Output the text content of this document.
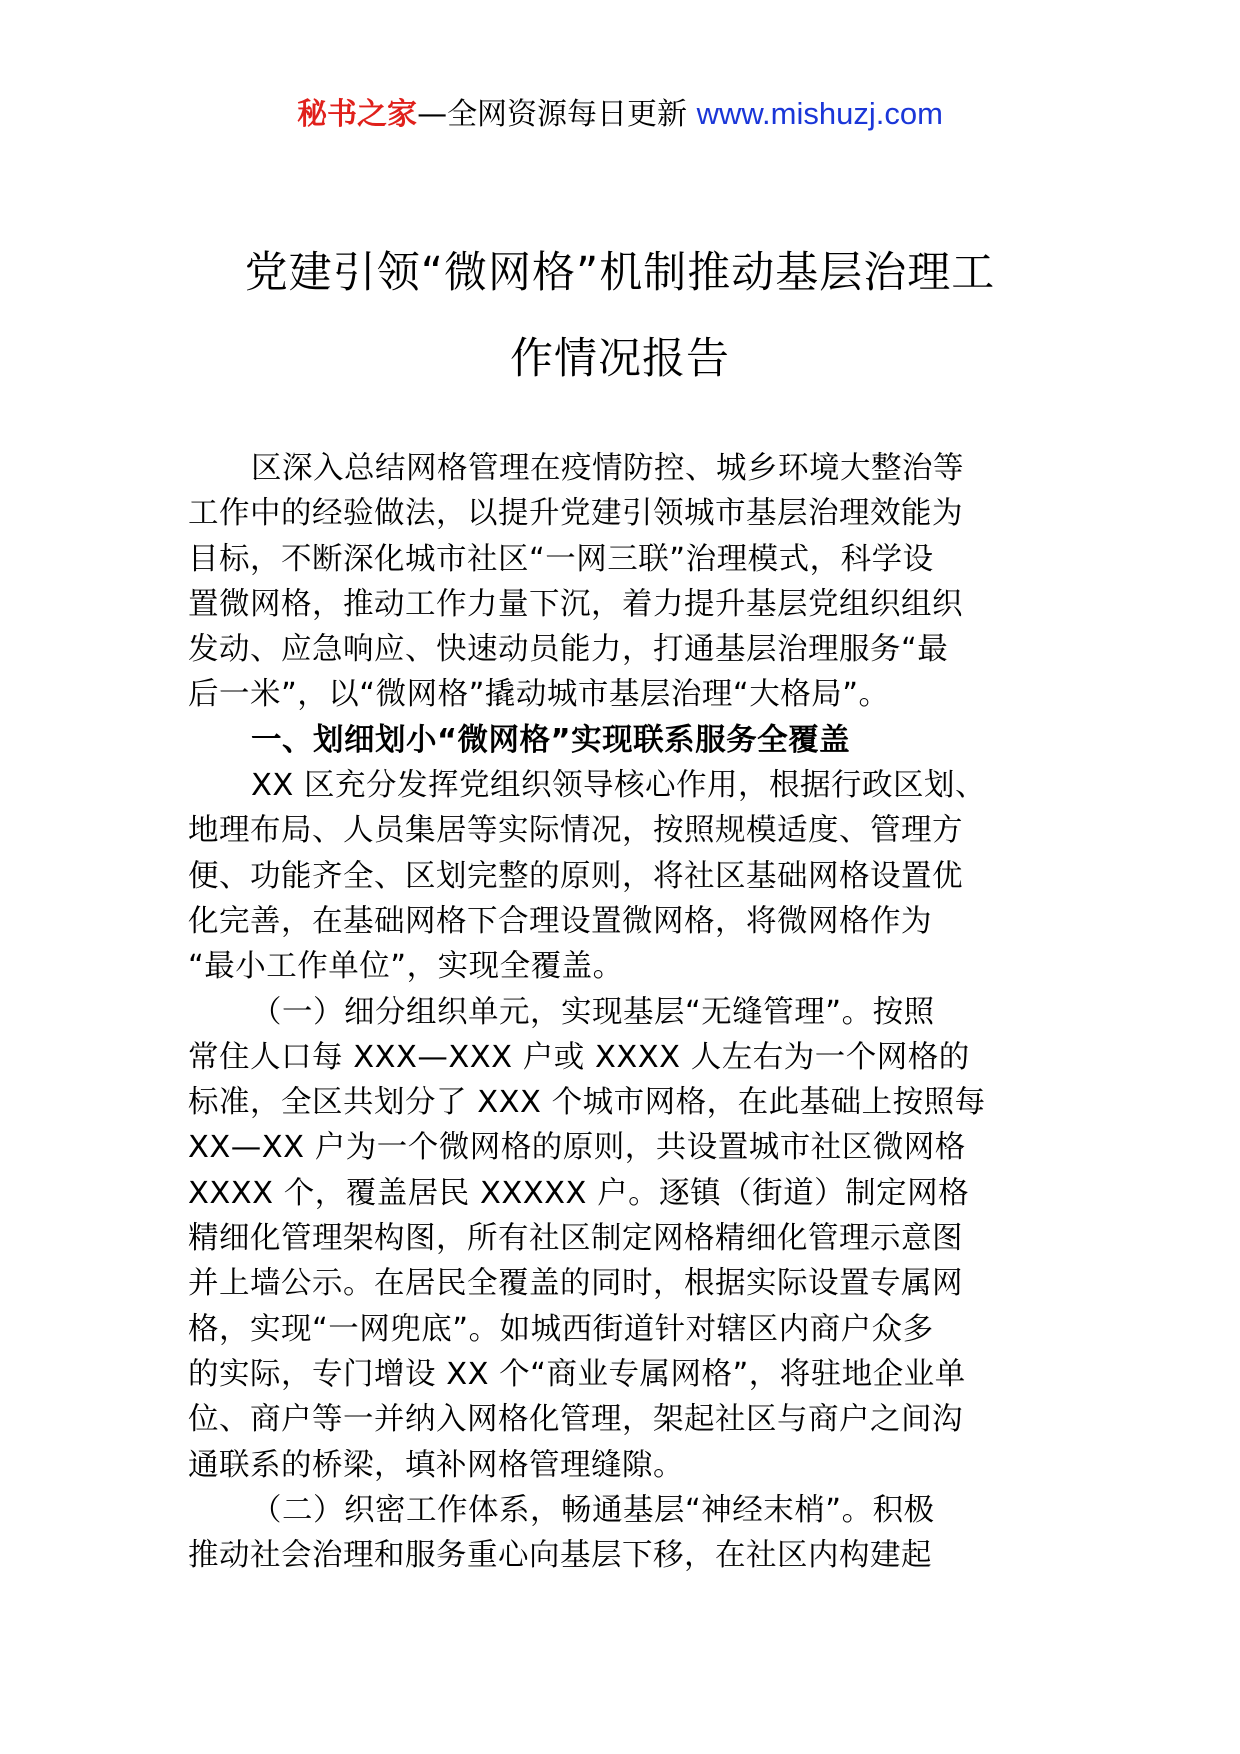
秘书之家—全网资源每日更新 www.mishuzj.com
党建引领“微网格”机制推动基层治理工
作情况报告
区深入总结网格管理在疫情防控、城乡环境大整治等
工作中的经验做法，以提升党建引领城市基层治理效能为
目标，不断深化城市社区“一网三联”治理模式，科学设
置微网格，推动工作力量下沉，着力提升基层党组织组织
发动、应急响应、快速动员能力，打通基层治理服务“最
后一米”，以“微网格”撬动城市基层治理“大格局”。
一、划细划小“微网格”实现联系服务全覆盖
XX 区充分发挥党组织领导核心作用，根据行政区划、
地理布局、人员集居等实际情况，按照规模适度、管理方
便、功能齐全、区划完整的原则，将社区基础网格设置优
化完善，在基础网格下合理设置微网格，将微网格作为
“最小工作单位”，实现全覆盖。
（一）细分组织单元，实现基层“无缝管理”。按照
常住人口每 XXX—XXX 户或 XXXX 人左右为一个网格的
标准，全区共划分了 XXX 个城市网格，在此基础上按照每
XX—XX 户为一个微网格的原则，共设置城市社区微网格
XXXX 个，覆盖居民 XXXXX 户。逐镇（街道）制定网格
精细化管理架构图，所有社区制定网格精细化管理示意图
并上墙公示。在居民全覆盖的同时，根据实际设置专属网
格，实现“一网兜底”。如城西街道针对辖区内商户众多
的实际，专门增设 XX 个“商业专属网格”，将驻地企业单
位、商户等一并纳入网格化管理，架起社区与商户之间沟
通联系的桥梁，填补网格管理缝隙。
（二）织密工作体系，畅通基层“神经末梢”。积极
推动社会治理和服务重心向基层下移，在社区内构建起
